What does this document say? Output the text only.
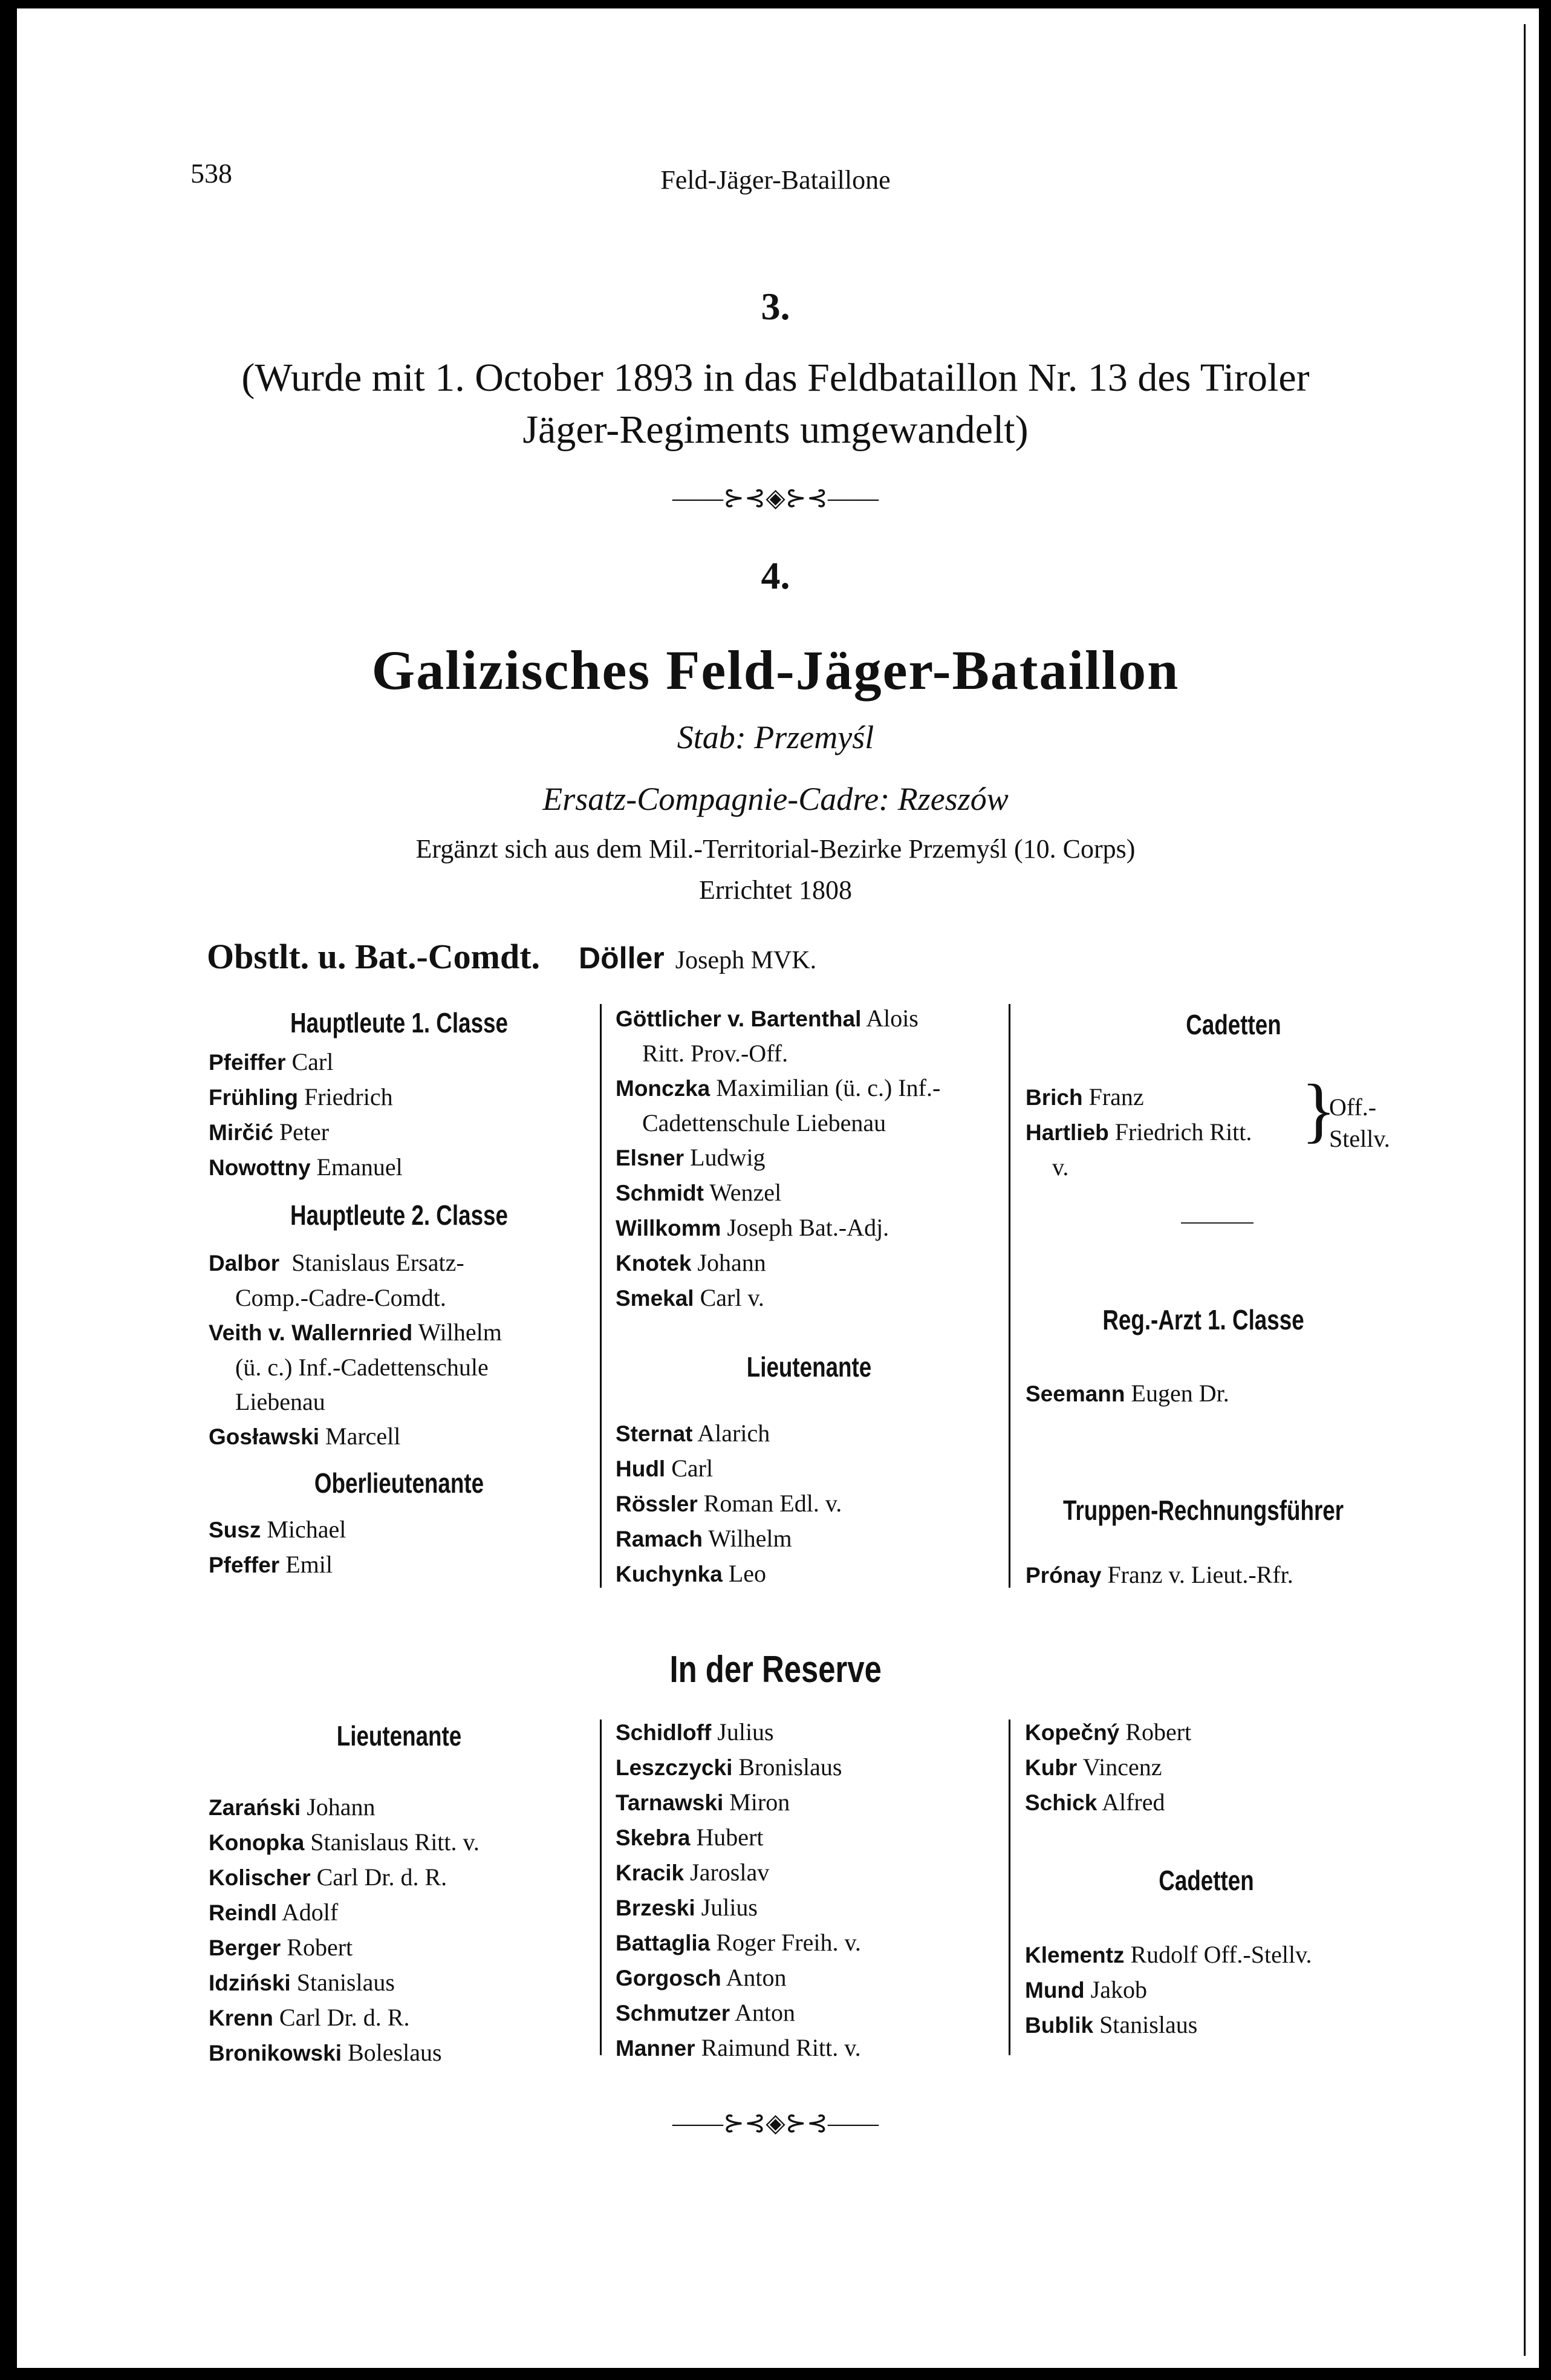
538	Feld-Jäger-Bataillone
3.
(Wurde mit 1. October 1893 in das Feldbataillon Nr. 13 des Tiroler
Jäger-Regiments umgewandelt)
——⊱⊰◈⊱⊰——
4.
Galizisches Feld-Jäger-Bataillon
Stab: Przemyśl
Ersatz-Compagnie-Cadre: Rzeszów
Ergänzt sich aus dem Mil.-Territorial-Bezirke Przemyśl (10. Corps)
Errichtet 1808
Obstlt. u. Bat.-Comdt. Döller Joseph MVK.
Hauptleute 1. Classe
Pfeiffer Carl
Frühling Friedrich
Mirčić Peter
Nowottny Emanuel
Hauptleute 2. Classe
Dalbor Stanislaus Ersatz-
Comp.-Cadre-Comdt.
Veith v. Wallernried Wilhelm
(ü. c.) Inf.-Cadettenschule
Liebenau
Gosławski Marcell
Oberlieutenante
Susz Michael
Pfeffer Emil
Göttlicher v. Bartenthal Alois
Ritt. Prov.-Off.
Monczka Maximilian (ü. c.) Inf.-
Cadettenschule Liebenau
Elsner Ludwig
Schmidt Wenzel
Willkomm Joseph Bat.-Adj.
Knotek Johann
Smekal Carl v.
Lieutenante
Sternat Alarich
Hudl Carl
Rössler Roman Edl. v.
Ramach Wilhelm
Kuchynka Leo
Cadetten
Brich Franz
Hartlieb Friedrich Ritt.
v.
}
Off.-
Stellv.
Reg.-Arzt 1. Classe
Seemann Eugen Dr.
Truppen-Rechnungsführer
Prónay Franz v. Lieut.-Rfr.
In der Reserve
Lieutenante
Zarański Johann
Konopka Stanislaus Ritt. v.
Kolischer Carl Dr. d. R.
Reindl Adolf
Berger Robert
Idziński Stanislaus
Krenn Carl Dr. d. R.
Bronikowski Boleslaus
Schidloff Julius
Leszczycki Bronislaus
Tarnawski Miron
Skebra Hubert
Kracik Jaroslav
Brzeski Julius
Battaglia Roger Freih. v.
Gorgosch Anton
Schmutzer Anton
Manner Raimund Ritt. v.
Kopečný Robert
Kubr Vincenz
Schick Alfred
Cadetten
Klementz Rudolf Off.-Stellv.
Mund Jakob
Bublik Stanislaus
——⊱⊰◈⊱⊰——
